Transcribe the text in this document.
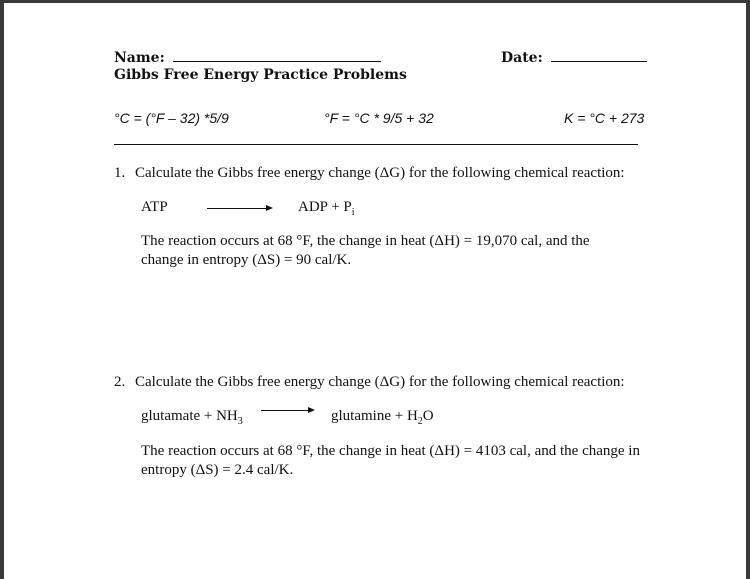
Name:	Date:
Gibbs Free Energy Practice Problems
°C = (°F – 32) *5/9	°F = °C * 9/5 + 32	K = °C + 273
1. Calculate the Gibbs free energy change (ΔG) for the following chemical reaction:
ATP	ADP + $P_i$
The reaction occurs at 68 °F, the change in heat (ΔH) = 19,070 cal, and the change in entropy (ΔS) = 90 cal/K.
2. Calculate the Gibbs free energy change (ΔG) for the following chemical reaction:
glutamate + $NH_3$ → glutamine + $H_2O$
The reaction occurs at 68 °F, the change in heat (ΔH) = 4103 cal, and the change in entropy (ΔS) = 2.4 cal/K.
